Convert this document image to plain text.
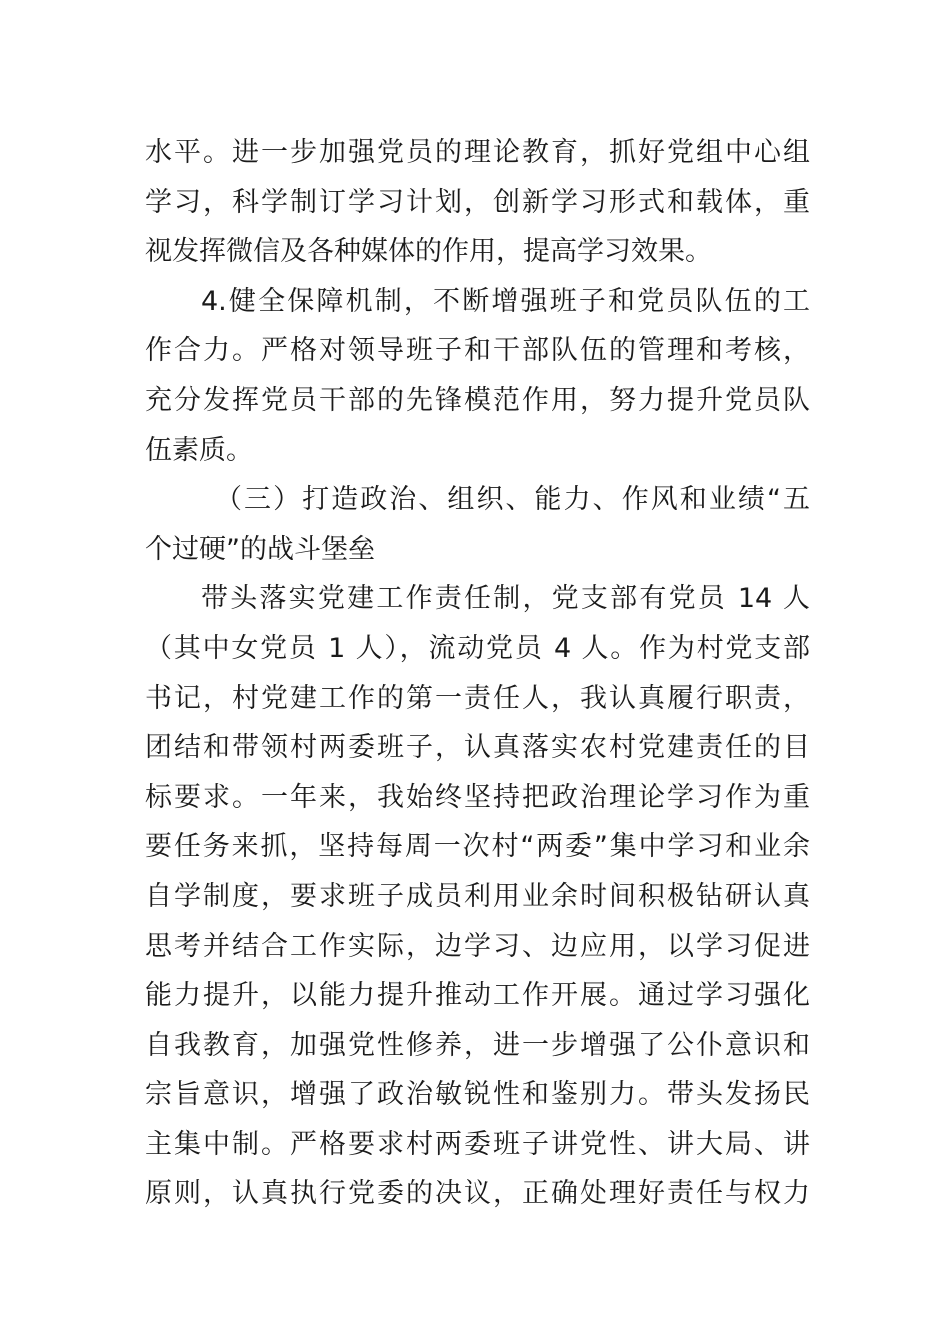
水平。进一步加强党员的理论教育，抓好党组中心组
学习，科学制订学习计划，创新学习形式和载体，重
视发挥微信及各种媒体的作用，提高学习效果。
4.健全保障机制，不断增强班子和党员队伍的工
作合力。严格对领导班子和干部队伍的管理和考核，
充分发挥党员干部的先锋模范作用，努力提升党员队
伍素质。
（三）打造政治、组织、能力、作风和业绩“五
个过硬”的战斗堡垒
带头落实党建工作责任制，党支部有党员 14 人
（其中女党员 1 人），流动党员 4 人。作为村党支部
书记，村党建工作的第一责任人，我认真履行职责，
团结和带领村两委班子，认真落实农村党建责任的目
标要求。一年来，我始终坚持把政治理论学习作为重
要任务来抓，坚持每周一次村“两委”集中学习和业余
自学制度，要求班子成员利用业余时间积极钻研认真
思考并结合工作实际，边学习、边应用，以学习促进
能力提升，以能力提升推动工作开展。通过学习强化
自我教育，加强党性修养，进一步增强了公仆意识和
宗旨意识，增强了政治敏锐性和鉴别力。带头发扬民
主集中制。严格要求村两委班子讲党性、讲大局、讲
原则，认真执行党委的决议，正确处理好责任与权力
